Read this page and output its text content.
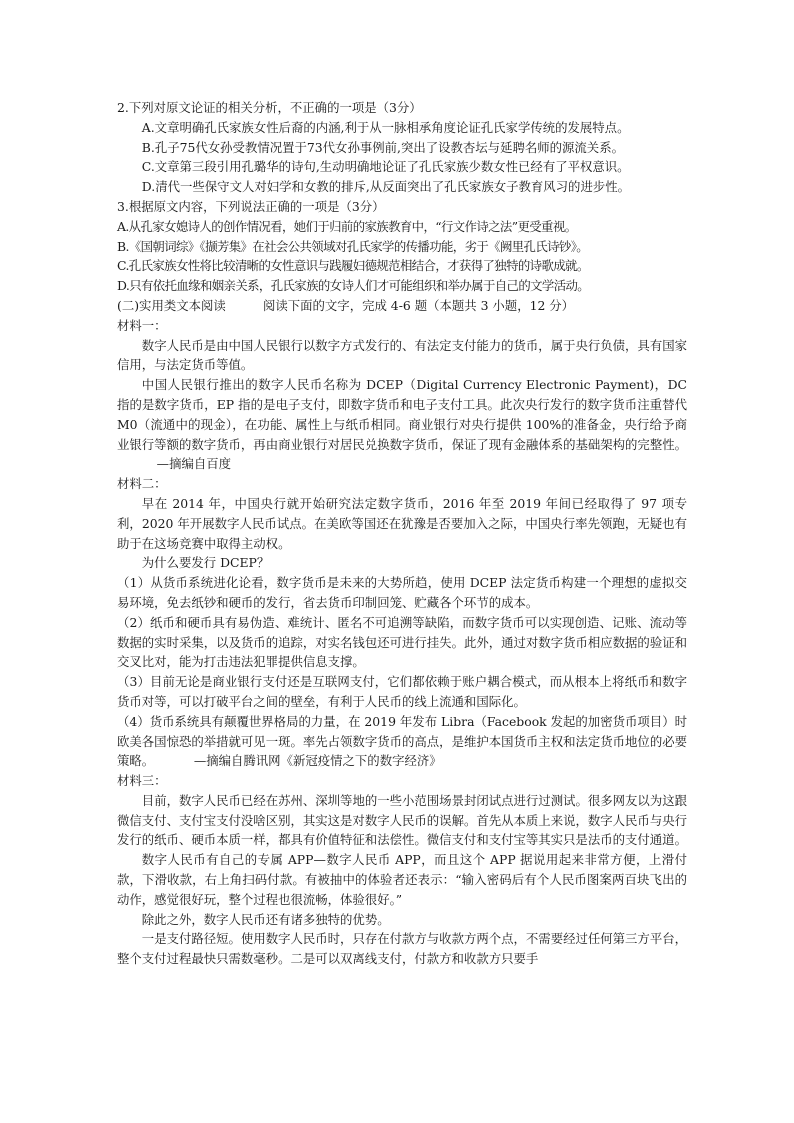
2.下列对原文论证的相关分析，不正确的一项是（3分）

A.文章明确孔氏家族女性后裔的内涵,利于从一脉相承角度论证孔氏家学传统的发展特点。

B.孔子75代女孙受教情况置于73代女孙事例前,突出了设教杏坛与延聘名师的源流关系。

C.文章第三段引用孔璐华的诗句,生动明确地论证了孔氏家族少数女性已经有了平权意识。

D.清代一些保守文人对妇学和女教的排斥,从反面突出了孔氏家族女子教育风习的进步性。

3.根据原文内容，下列说法正确的一项是（3分）

A.从孔家女媳诗人的创作情况看，她们于归前的家族教育中，“行文作诗之法”更受重视。

B.《国朝词综》《撷芳集》在社会公共领域对孔氏家学的传播功能，劣于《阙里孔氏诗钞》。

C.孔氏家族女性将比较清晰的女性意识与践履妇德规范相结合，才获得了独特的诗歌成就。

D.只有依托血缘和姻亲关系，孔氏家族的女诗人们才可能组织和举办属于自己的文学活动。

(二)实用类文本阅读　　　阅读下面的文字，完成 4-6 题（本题共 3 小题，12 分）

材料一：

数字人民币是由中国人民银行以数字方式发行的、有法定支付能力的货币，属于央行负债，具有国家信用，与法定货币等值。

中国人民银行推出的数字人民币名称为 DCEP（Digital Currency Electronic Payment)，DC 指的是数字货币，EP 指的是电子支付，即数字货币和电子支付工具。此次央行发行的数字货币注重替代 M0（流通中的现金），在功能、属性上与纸币相同。商业银行对央行提供 100%的准备金，央行给予商业银行等额的数字货币，再由商业银行对居民兑换数字货币，保证了现有金融体系的基础架构的完整性。—摘编自百度

材料二：

早在 2014 年，中国央行就开始研究法定数字货币，2016 年至 2019 年间已经取得了 97 项专利，2020 年开展数字人民币试点。在美欧等国还在犹豫是否要加入之际，中国央行率先领跑，无疑也有助于在这场竞赛中取得主动权。

为什么要发行 DCEP？

（1）从货币系统进化论看，数字货币是未来的大势所趋，使用 DCEP 法定货币构建一个理想的虚拟交易环境，免去纸钞和硬币的发行，省去货币印制回笼、贮藏各个环节的成本。

（2）纸币和硬币具有易伪造、难统计、匿名不可追溯等缺陷，而数字货币可以实现创造、记账、流动等数据的实时采集，以及货币的追踪，对实名钱包还可进行挂失。此外，通过对数字货币相应数据的验证和交叉比对，能为打击违法犯罪提供信息支撑。

（3）目前无论是商业银行支付还是互联网支付，它们都依赖于账户耦合模式，而从根本上将纸币和数字货币对等，可以打破平台之间的壁垒，有利于人民币的线上流通和国际化。

（4）货币系统具有颠覆世界格局的力量，在 2019 年发布 Libra（Facebook 发起的加密货币项目）时欧美各国惊恐的举措就可见一斑。率先占领数字货币的高点，是维护本国货币主权和法定货币地位的必要策略。	—摘编自腾讯网《新冠疫情之下的数字经济》

材料三：

目前，数字人民币已经在苏州、深圳等地的一些小范围场景封闭试点进行过测试。很多网友以为这跟微信支付、支付宝支付没啥区别，其实这是对数字人民币的误解。首先从本质上来说，数字人民币与央行发行的纸币、硬币本质一样，都具有价值特征和法偿性。微信支付和支付宝等其实只是法币的支付通道。

数字人民币有自己的专属 APP—数字人民币 APP，而且这个 APP 据说用起来非常方便，上滑付款，下滑收款，右上角扫码付款。有被抽中的体验者还表示：“输入密码后有个人民币图案两百块飞出的动作，感觉很好玩，整个过程也很流畅，体验很好。”

除此之外，数字人民币还有诸多独特的优势。

一是支付路径短。使用数字人民币时，只存在付款方与收款方两个点，不需要经过任何第三方平台，整个支付过程最快只需数毫秒。二是可以双离线支付，付款方和收款方只要手
